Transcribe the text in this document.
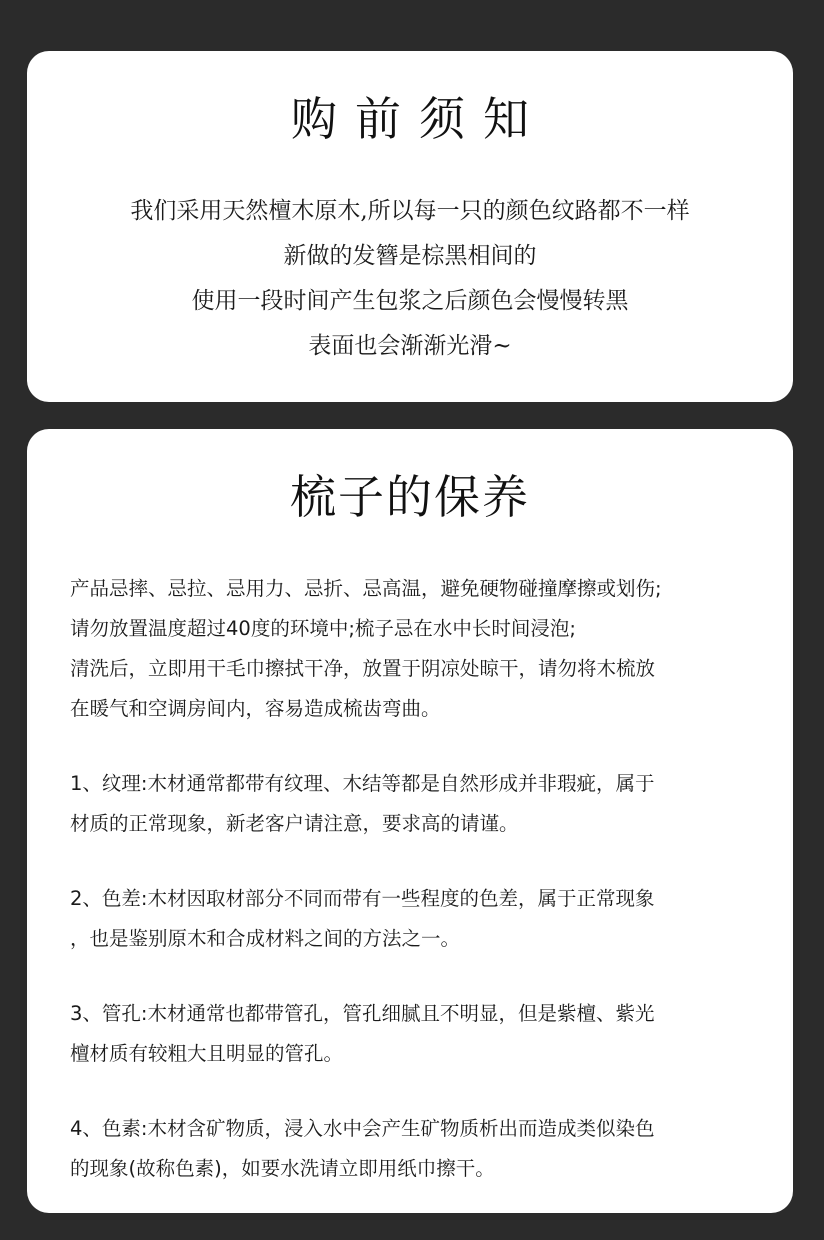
购前须知
我们采用天然檀木原木,所以每一只的颜色纹路都不一样
新做的发簪是棕黑相间的
使用一段时间产生包浆之后颜色会慢慢转黑
表面也会渐渐光滑~
梳子的保养
产品忌摔、忌拉、忌用力、忌折、忌高温，避免硬物碰撞摩擦或划伤;
请勿放置温度超过40度的环境中;梳子忌在水中长时间浸泡;
清洗后，立即用干毛巾擦拭干净，放置于阴凉处晾干，请勿将木梳放
在暖气和空调房间内，容易造成梳齿弯曲。
1、纹理:木材通常都带有纹理、木结等都是自然形成并非瑕疵，属于
材质的正常现象，新老客户请注意，要求高的请谨。
2、色差:木材因取材部分不同而带有一些程度的色差，属于正常现象
，也是鉴别原木和合成材料之间的方法之一。
3、管孔:木材通常也都带管孔，管孔细腻且不明显，但是紫檀、紫光
檀材质有较粗大且明显的管孔。
4、色素:木材含矿物质，浸入水中会产生矿物质析出而造成类似染色
的现象(故称色素)，如要水洗请立即用纸巾擦干。
